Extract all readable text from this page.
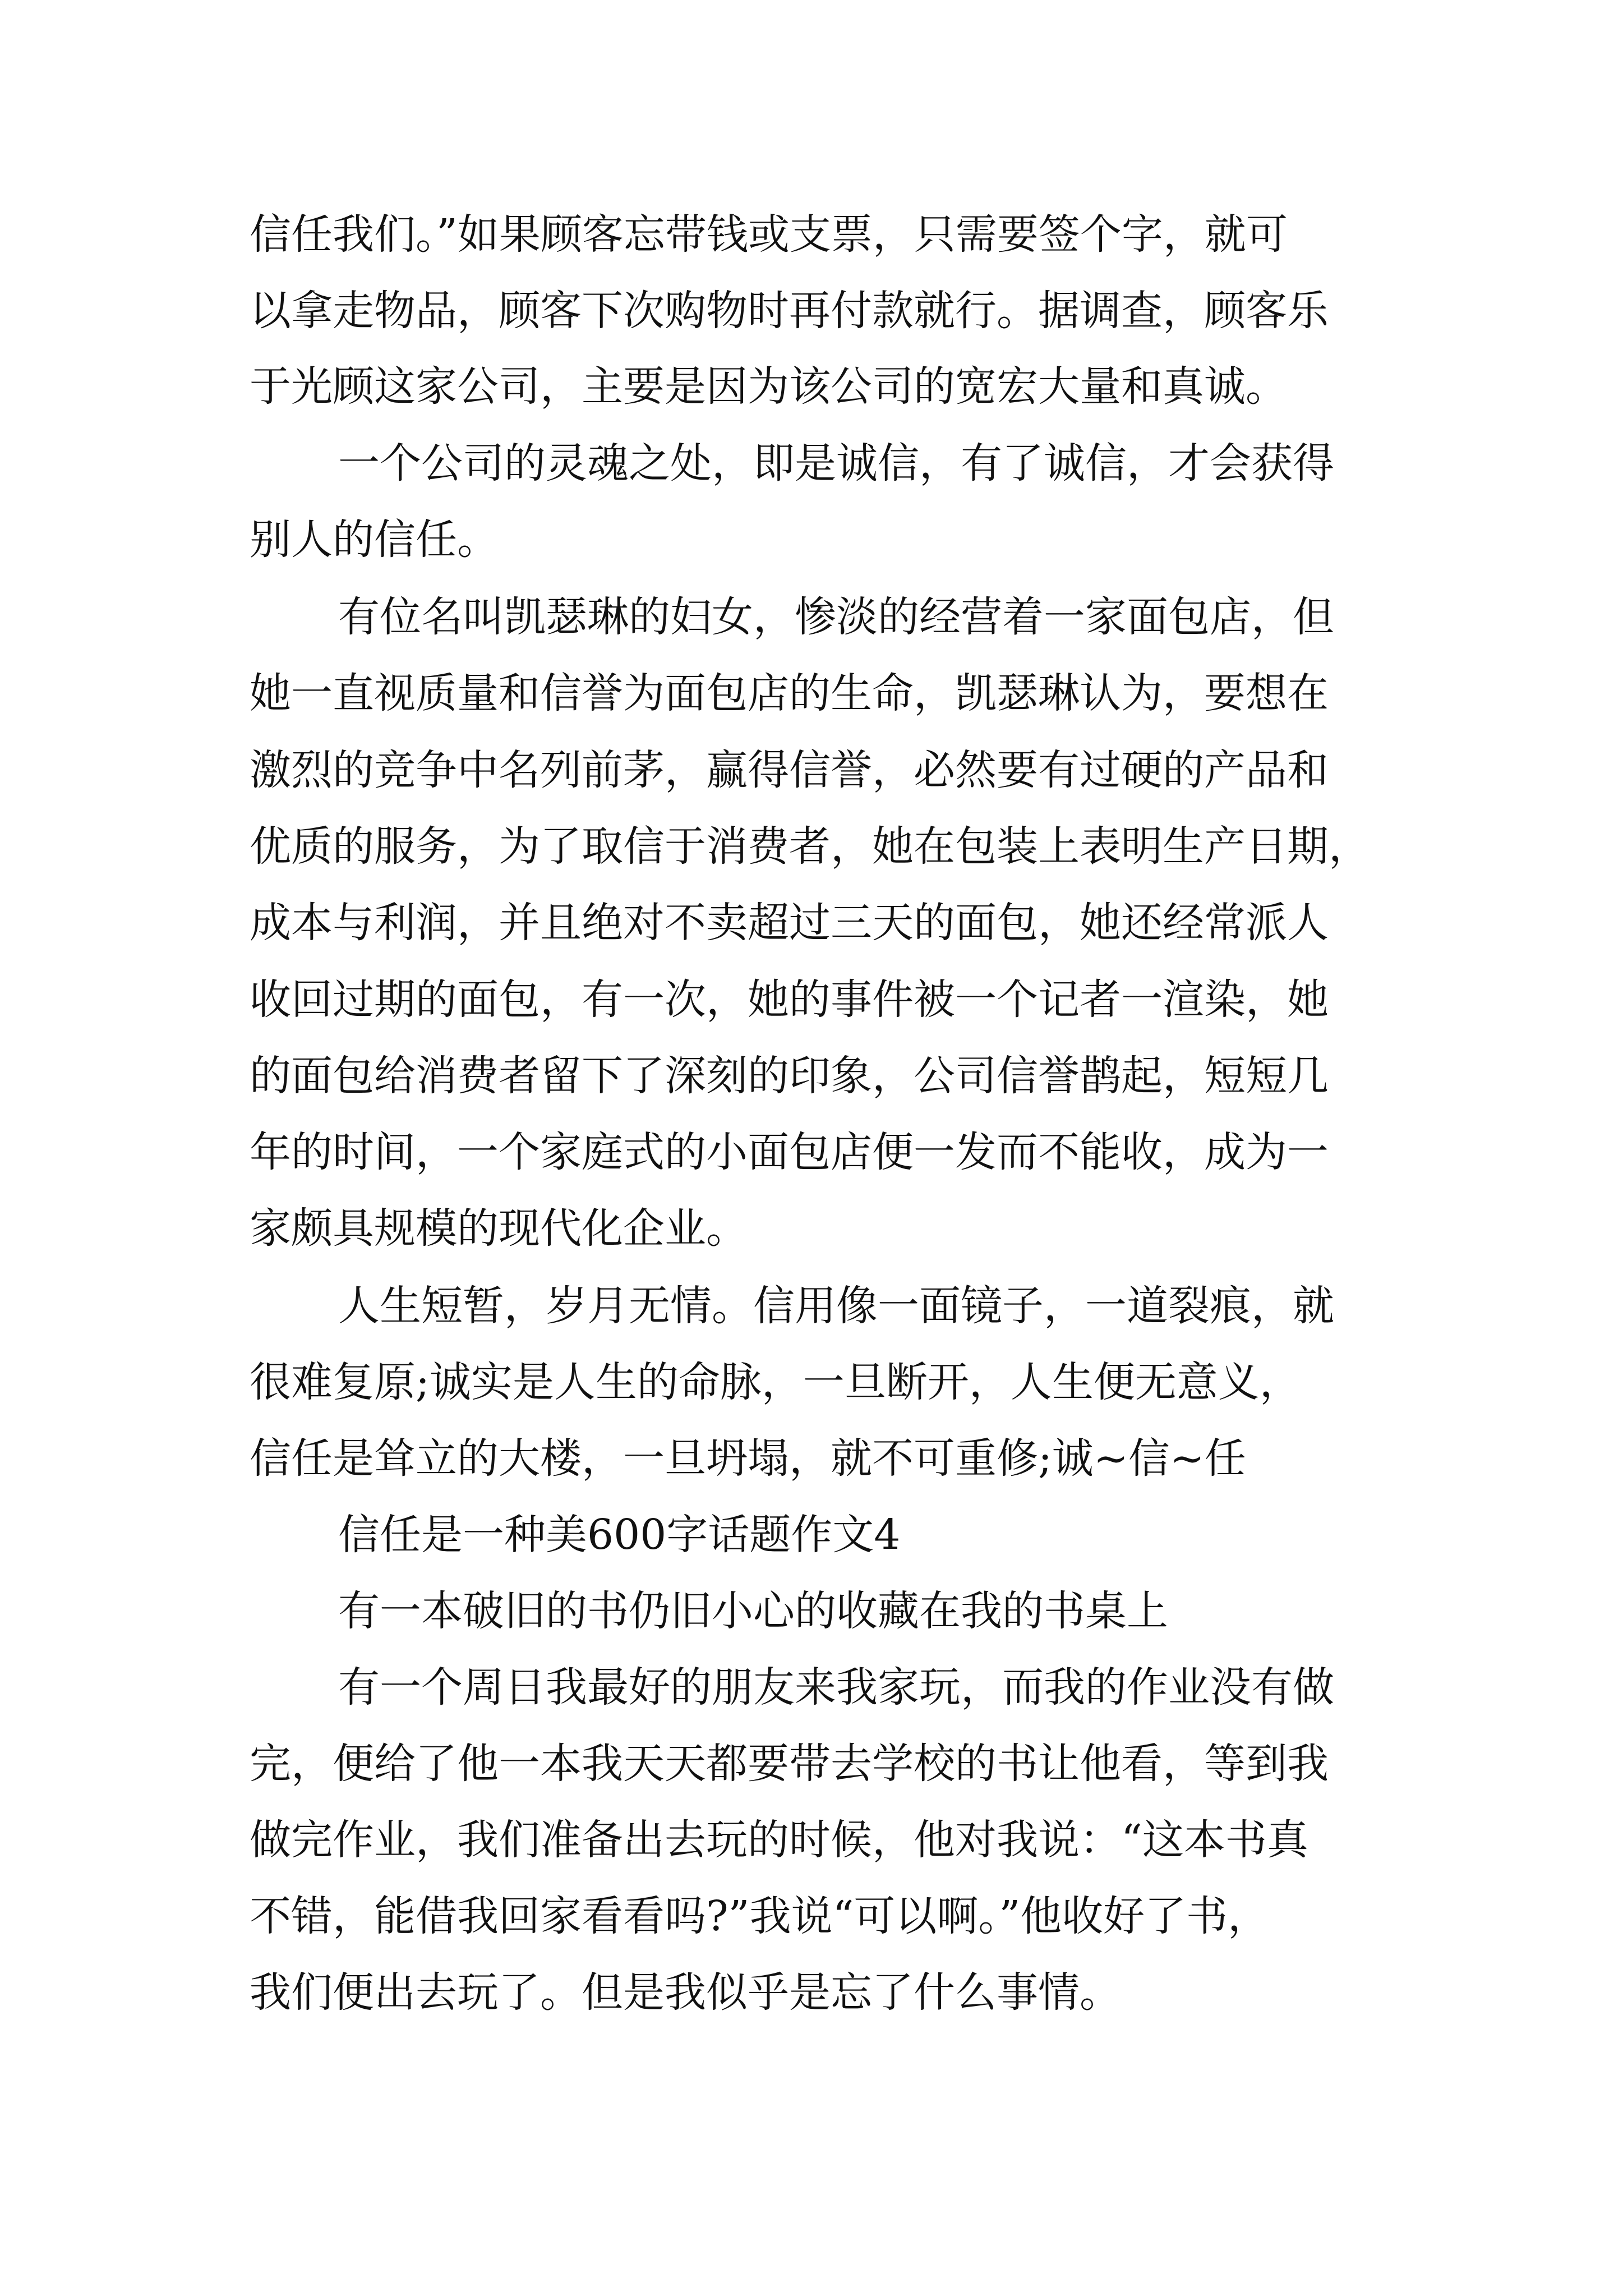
信任我们。”如果顾客忘带钱或支票，只需要签个字，就可
以拿走物品，顾客下次购物时再付款就行。据调查，顾客乐
于光顾这家公司，主要是因为该公司的宽宏大量和真诚。
一个公司的灵魂之处，即是诚信，有了诚信，才会获得
别人的信任。
有位名叫凯瑟琳的妇女，惨淡的经营着一家面包店，但
她一直视质量和信誉为面包店的生命，凯瑟琳认为，要想在
激烈的竞争中名列前茅，赢得信誉，必然要有过硬的产品和
优质的服务，为了取信于消费者，她在包装上表明生产日期，
成本与利润，并且绝对不卖超过三天的面包，她还经常派人
收回过期的面包，有一次，她的事件被一个记者一渲染，她
的面包给消费者留下了深刻的印象，公司信誉鹊起，短短几
年的时间，一个家庭式的小面包店便一发而不能收，成为一
家颇具规模的现代化企业。
人生短暂，岁月无情。信用像一面镜子，一道裂痕，就
很难复原;诚实是人生的命脉，一旦断开，人生便无意义，
信任是耸立的大楼，一旦坍塌，就不可重修;诚~信~任
信任是一种美600字话题作文4
有一本破旧的书仍旧小心的收藏在我的书桌上
有一个周日我最好的朋友来我家玩，而我的作业没有做
完，便给了他一本我天天都要带去学校的书让他看，等到我
做完作业，我们准备出去玩的时候，他对我说：“这本书真
不错，能借我回家看看吗?”我说“可以啊。”他收好了书，
我们便出去玩了。但是我似乎是忘了什么事情。
